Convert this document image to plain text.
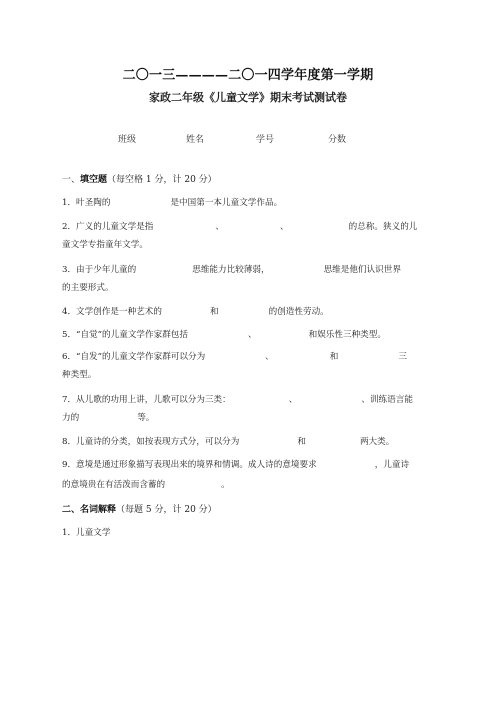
二〇一三————二〇一四学年度第一学期
家政二年级《儿童文学》期末考试测试卷
班级	姓名	学号	分数
一、填空题（每空格 1 分，计 20 分）
1．叶圣陶的	是中国第一本儿童文学作品。
2．广义的儿童文学是指	、	、	的总称。狭义的儿
童文学专指童年文学。
3．由于少年儿童的	思维能力比较薄弱，	思维是他们认识世界
的主要形式。
4．文学创作是一种艺术的	和	的创造性劳动。
5．“自觉”的儿童文学作家群包括	、	和娱乐性三种类型。
6．“自发”的儿童文学作家群可以分为	、	和	三
种类型。
7．从儿歌的功用上讲，儿歌可以分为三类：	、	、训练语言能
力的	等。
8．儿童诗的分类，如按表现方式分，可以分为	和	两大类。
9．意境是通过形象描写表现出来的境界和情调。成人诗的意境要求	，儿童诗
的意境贵在有活泼而含蓄的	。
二、名词解释（每题 5 分，计 20 分）
1．儿童文学
